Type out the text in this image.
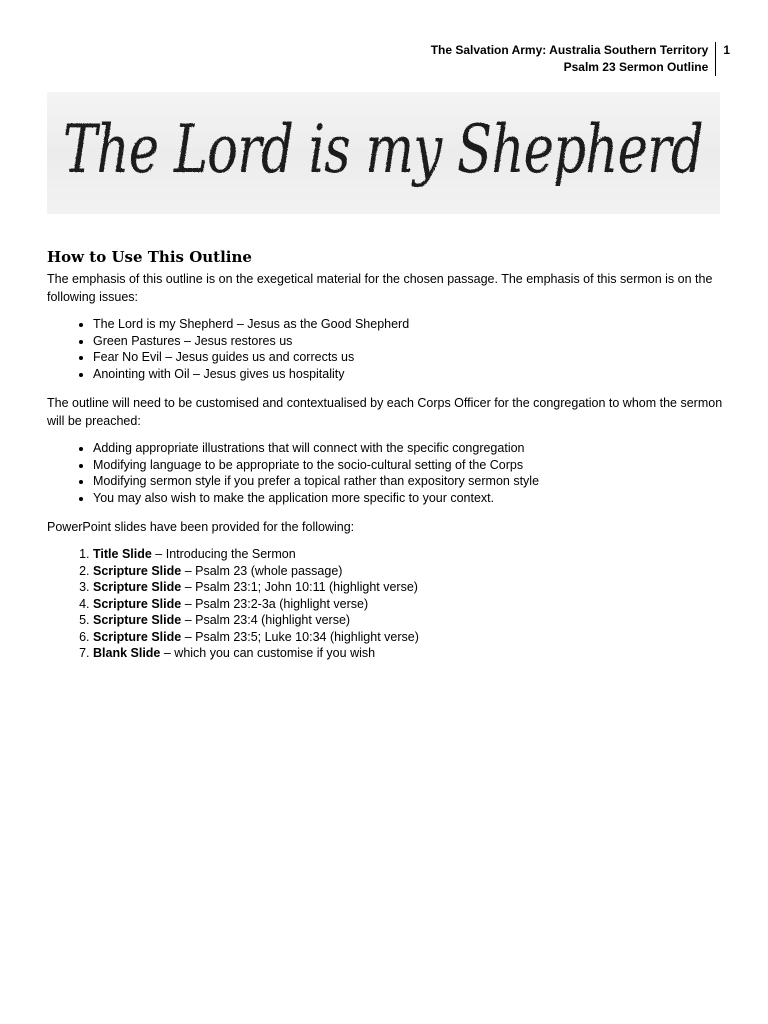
The Salvation Army: Australia Southern Territory
Psalm 23 Sermon Outline
1
The Lord is my Shepherd
How to Use This Outline

The emphasis of this outline is on the exegetical material for the chosen passage. The emphasis of this sermon is on the following issues:

• The Lord is my Shepherd – Jesus as the Good Shepherd
• Green Pastures – Jesus restores us
• Fear No Evil – Jesus guides us and corrects us
• Anointing with Oil – Jesus gives us hospitality

The outline will need to be customised and contextualised by each Corps Officer for the congregation to whom the sermon will be preached:

• Adding appropriate illustrations that will connect with the specific congregation
• Modifying language to be appropriate to the socio-cultural setting of the Corps
• Modifying sermon style if you prefer a topical rather than expository sermon style
• You may also wish to make the application more specific to your context.

PowerPoint slides have been provided for the following:

1. Title Slide – Introducing the Sermon
2. Scripture Slide – Psalm 23 (whole passage)
3. Scripture Slide – Psalm 23:1; John 10:11 (highlight verse)
4. Scripture Slide – Psalm 23:2-3a (highlight verse)
5. Scripture Slide – Psalm 23:4 (highlight verse)
6. Scripture Slide – Psalm 23:5; Luke 10:34 (highlight verse)
7. Blank Slide – which you can customise if you wish
